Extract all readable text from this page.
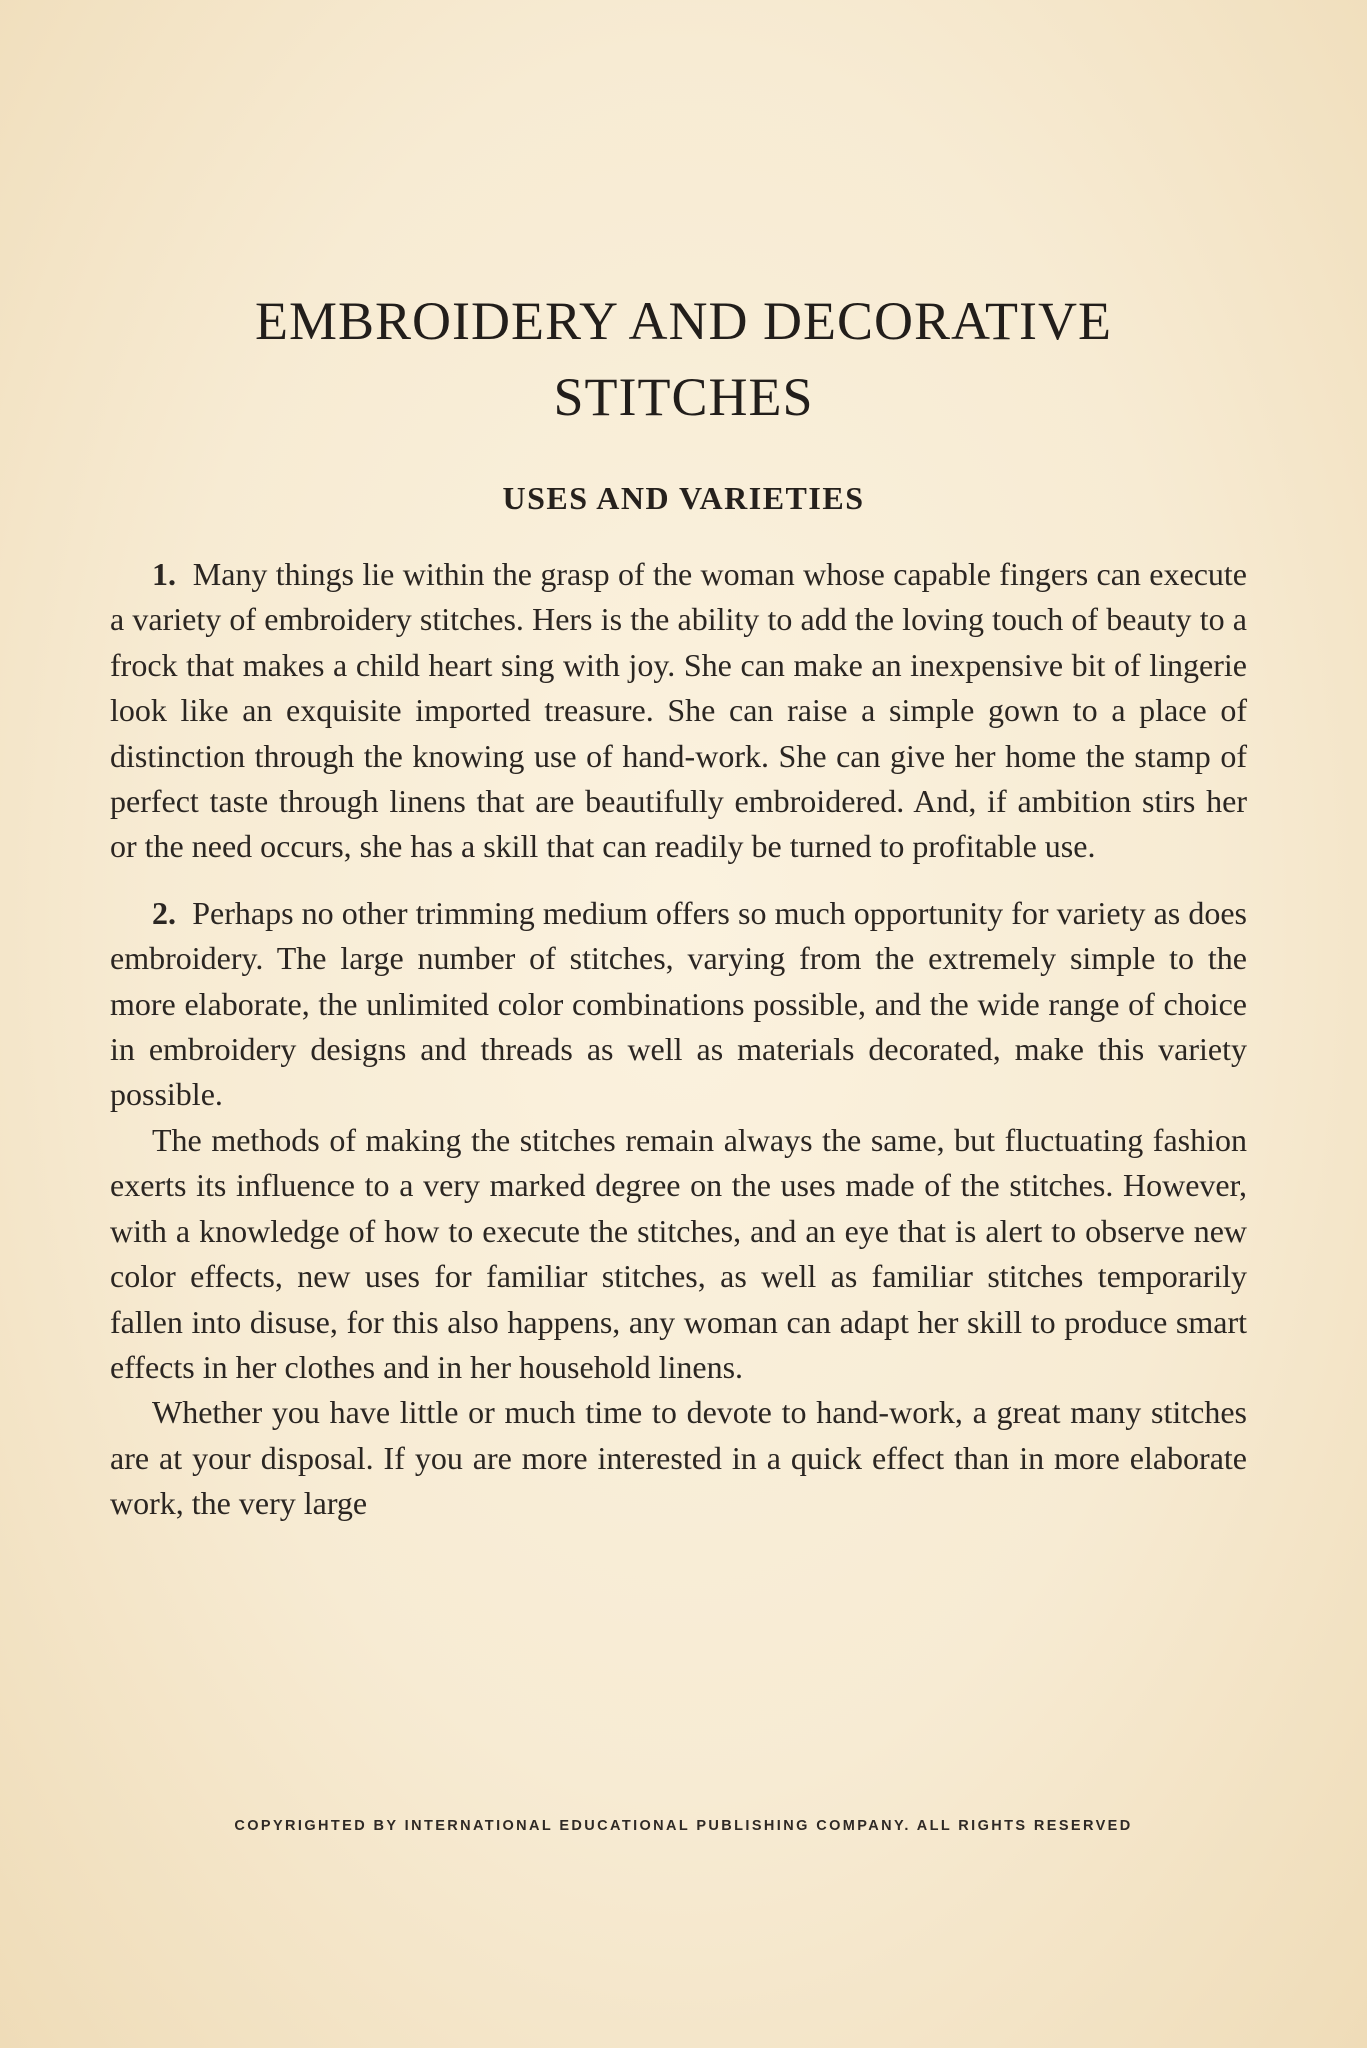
EMBROIDERY AND DECORATIVE
STITCHES
USES AND VARIETIES

1. Many things lie within the grasp of the woman whose capable fingers can execute a variety of embroidery stitches. Hers is the ability to add the loving touch of beauty to a frock that makes a child heart sing with joy. She can make an inexpensive bit of lingerie look like an exquisite imported treasure. She can raise a simple gown to a place of distinction through the knowing use of hand-work. She can give her home the stamp of perfect taste through linens that are beautifully embroidered. And, if ambition stirs her or the need occurs, she has a skill that can readily be turned to profitable use.

2. Perhaps no other trimming medium offers so much opportunity for variety as does embroidery. The large number of stitches, varying from the extremely simple to the more elaborate, the unlimited color combinations possible, and the wide range of choice in embroidery designs and threads as well as materials decorated, make this variety possible.

The methods of making the stitches remain always the same, but fluctuating fashion exerts its influence to a very marked degree on the uses made of the stitches. However, with a knowledge of how to execute the stitches, and an eye that is alert to observe new color effects, new uses for familiar stitches, as well as familiar stitches temporarily fallen into disuse, for this also happens, any woman can adapt her skill to produce smart effects in her clothes and in her household linens.

Whether you have little or much time to devote to hand-work, a great many stitches are at your disposal. If you are more interested in a quick effect than in more elaborate work, the very large

COPYRIGHTED BY INTERNATIONAL EDUCATIONAL PUBLISHING COMPANY. ALL RIGHTS RESERVED
